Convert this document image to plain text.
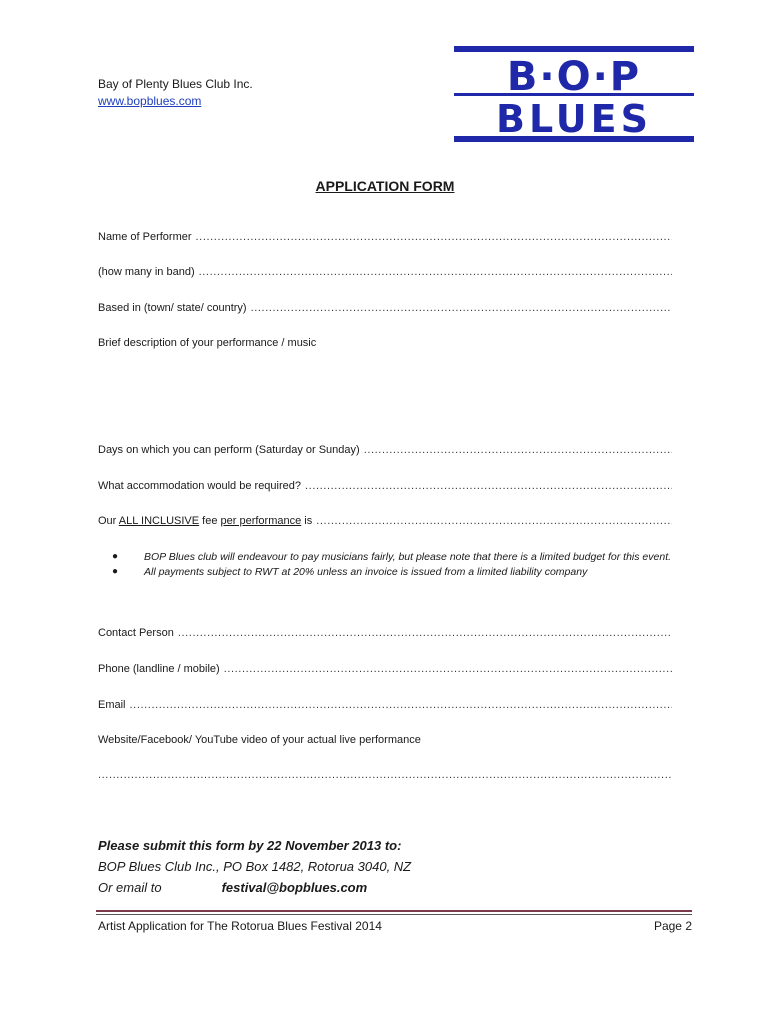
Bay of Plenty Blues Club Inc.
www.bopblues.com
B·O·P
BLUES
APPLICATION FORM
Name of Performer
.....
(how many in band)
.....
Based in (town/ state/ country)
.....
Brief description of your performance / music
Days on which you can perform (Saturday or Sunday)
.....
What accommodation would be required?
.....
Our ALL INCLUSIVE fee per performance is
.....
●	BOP Blues club will endeavour to pay musicians fairly, but please note that there is a limited budget for this event.
●	All payments subject to RWT at 20% unless an invoice is issued from a limited liability company
Contact Person
.....
Phone (landline / mobile)
.....
Email
.....
Website/Facebook/ YouTube video of your actual live performance
.....
Please submit this form by 22 November 2013 to:
BOP Blues Club Inc., PO Box 1482, Rotorua 3040, NZ
Or email to	festival@bopblues.com
Artist Application for The Rotorua Blues Festival 2014	Page 2
